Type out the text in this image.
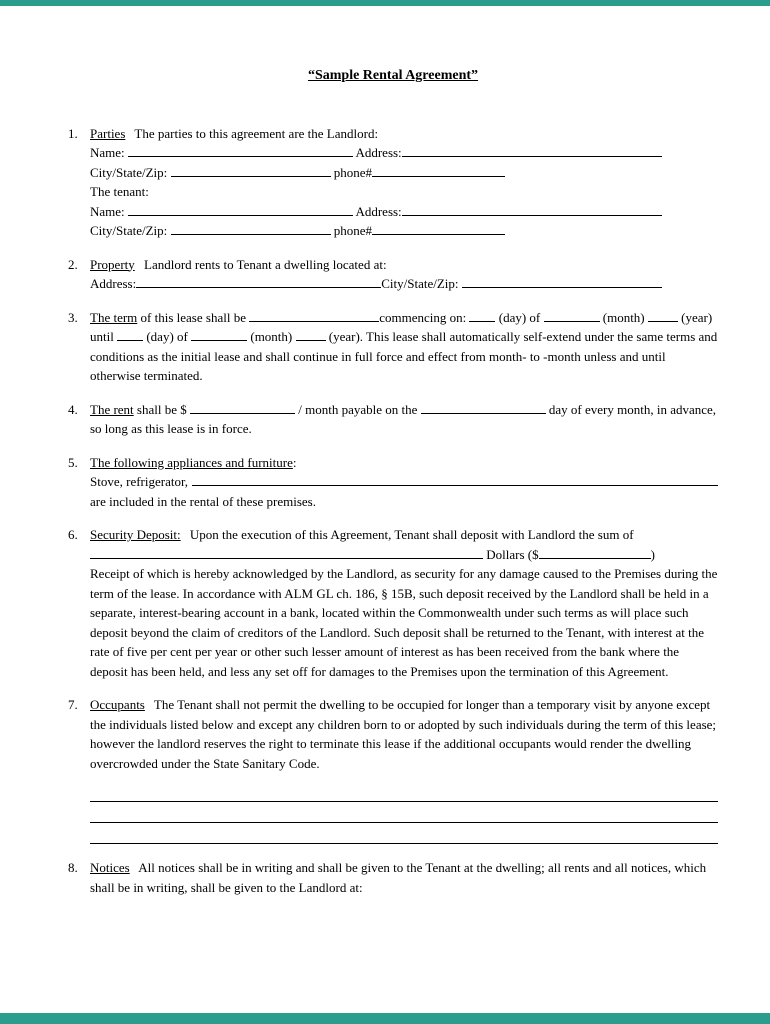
“Sample Rental Agreement”
1. Parties The parties to this agreement are the Landlord:
Name:	Address:
City/State/Zip:	phone#
The tenant:
Name:	Address:
City/State/Zip:	phone#
2. Property Landlord rents to Tenant a dwelling located at:
Address:	City/State/Zip:
3. The term of this lease shall be	commencing on:	(day) of	(month)	(year) until	(day) of	(month)	(year). This lease shall automatically self-extend under the same terms and conditions as the initial lease and shall continue in full force and effect from month- to -month unless and until otherwise terminated.
4. The rent shall be $	/ month payable on the	day of every month, in advance, so long as this lease is in force.
5. The following appliances and furniture:
Stove, refrigerator,
are included in the rental of these premises.
6. Security Deposit: Upon the execution of this Agreement, Tenant shall deposit with Landlord the sum of
Dollars ($	)
Receipt of which is hereby acknowledged by the Landlord, as security for any damage caused to the Premises during the term of the lease. In accordance with ALM GL ch. 186, § 15B, such deposit received by the Landlord shall be held in a separate, interest-bearing account in a bank, located within the Commonwealth under such terms as will place such deposit beyond the claim of creditors of the Landlord. Such deposit shall be returned to the Tenant, with interest at the rate of five per cent per year or other such lesser amount of interest as has been received from the bank where the deposit has been held, and less any set off for damages to the Premises upon the termination of this Agreement.
7. Occupants The Tenant shall not permit the dwelling to be occupied for longer than a temporary visit by anyone except the individuals listed below and except any children born to or adopted by such individuals during the term of this lease; however the landlord reserves the right to terminate this lease if the additional occupants would render the dwelling overcrowded under the State Sanitary Code.
8. Notices All notices shall be in writing and shall be given to the Tenant at the dwelling; all rents and all notices, which shall be in writing, shall be given to the Landlord at:
